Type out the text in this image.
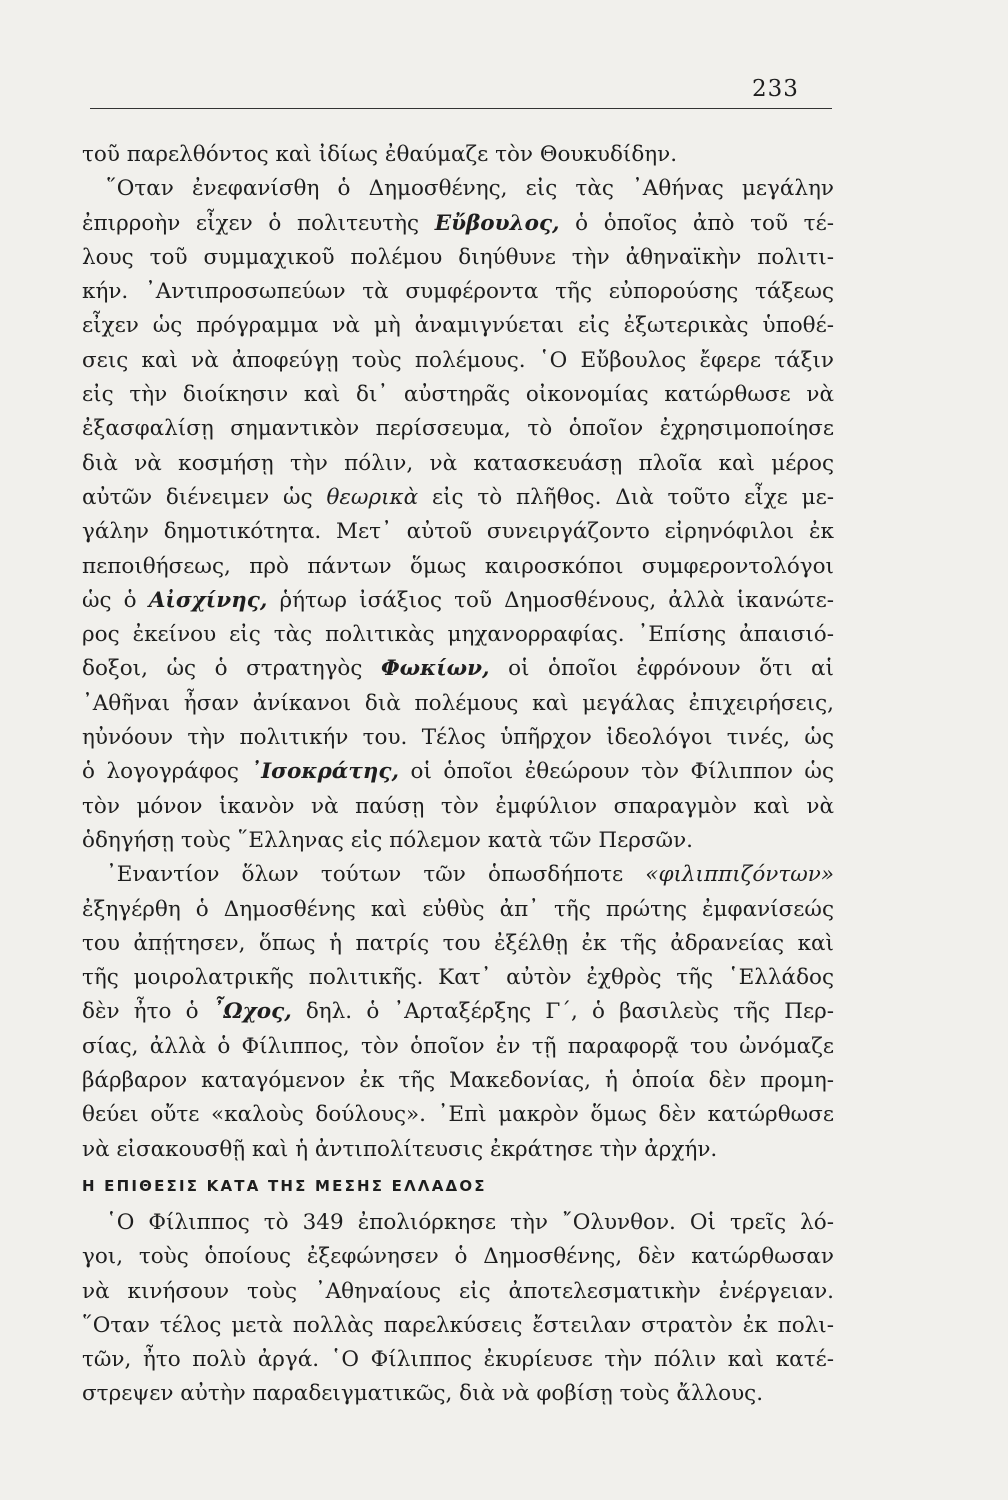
233
τοῦ παρελθόντος καὶ ἰδίως ἐθαύμαζε τὸν Θουκυδίδην.
῞Οταν ἐνεφανίσθη ὁ Δημοσθένης, εἰς τὰς ᾿Αθήνας μεγάλην
ἐπιρροὴν εἶχεν ὁ πολιτευτὴς Εὔβουλος, ὁ ὁποῖος ἀπὸ τοῦ τέ-
λους τοῦ συμμαχικοῦ πολέμου διηύθυνε τὴν ἀθηναϊκὴν πολιτι-
κήν. ᾿Αντιπροσωπεύων τὰ συμφέροντα τῆς εὐπορούσης τάξεως
εἶχεν ὡς πρόγραμμα νὰ μὴ ἀναμιγνύεται εἰς ἐξωτερικὰς ὑποθέ-
σεις καὶ νὰ ἀποφεύγῃ τοὺς πολέμους. ῾Ο Εὔβουλος ἔφερε τάξιν
εἰς τὴν διοίκησιν καὶ δι᾿ αὐστηρᾶς οἰκονομίας κατώρθωσε νὰ
ἐξασφαλίσῃ σημαντικὸν περίσσευμα, τὸ ὁποῖον ἐχρησιμοποίησε
διὰ νὰ κοσμήσῃ τὴν πόλιν, νὰ κατασκευάσῃ πλοῖα καὶ μέρος
αὐτῶν διένειμεν ὡς θεωρικὰ εἰς τὸ πλῆθος. Διὰ τοῦτο εἶχε με-
γάλην δημοτικότητα. Μετ᾿ αὐτοῦ συνειργάζοντο εἰρηνόφιλοι ἐκ
πεποιθήσεως, πρὸ πάντων ὅμως καιροσκόποι συμφεροντολόγοι
ὡς ὁ Αἰσχίνης, ῥήτωρ ἰσάξιος τοῦ Δημοσθένους, ἀλλὰ ἱκανώτε-
ρος ἐκείνου εἰς τὰς πολιτικὰς μηχανορραφίας. ᾿Επίσης ἀπαισιό-
δοξοι, ὡς ὁ στρατηγὸς Φωκίων, οἱ ὁποῖοι ἐφρόνουν ὅτι αἱ
᾿Αθῆναι ἦσαν ἀνίκανοι διὰ πολέμους καὶ μεγάλας ἐπιχειρήσεις,
ηὐνόουν τὴν πολιτικήν του. Τέλος ὑπῆρχον ἰδεολόγοι τινές, ὡς
ὁ λογογράφος ᾿Ισοκράτης, οἱ ὁποῖοι ἐθεώρουν τὸν Φίλιππον ὡς
τὸν μόνον ἱκανὸν νὰ παύσῃ τὸν ἐμφύλιον σπαραγμὸν καὶ νὰ
ὁδηγήσῃ τοὺς ῞Ελληνας εἰς πόλεμον κατὰ τῶν Περσῶν.
᾿Εναντίον ὅλων τούτων τῶν ὁπωσδήποτε «φιλιππιζόντων»
ἐξηγέρθη ὁ Δημοσθένης καὶ εὐθὺς ἀπ᾿ τῆς πρώτης ἐμφανίσεώς
του ἀπῄτησεν, ὅπως ἡ πατρίς του ἐξέλθῃ ἐκ τῆς ἀδρανείας καὶ
τῆς μοιρολατρικῆς πολιτικῆς. Κατ᾿ αὐτὸν ἐχθρὸς τῆς ῾Ελλάδος
δὲν ἦτο ὁ ῏Ωχος, δηλ. ὁ ᾿Αρταξέρξης Γ΄, ὁ βασιλεὺς τῆς Περ-
σίας, ἀλλὰ ὁ Φίλιππος, τὸν ὁποῖον ἐν τῇ παραφορᾷ του ὠνόμαζε
βάρβαρον καταγόμενον ἐκ τῆς Μακεδονίας, ἡ ὁποία δὲν προμη-
θεύει οὔτε «καλοὺς δούλους». ᾿Επὶ μακρὸν ὅμως δὲν κατώρθωσε
νὰ εἰσακουσθῇ καὶ ἡ ἀντιπολίτευσις ἐκράτησε τὴν ἀρχήν.
Η ΕΠΙΘΕΣΙΣ ΚΑΤΑ ΤΗΣ ΜΕΣΗΣ ΕΛΛΑΔΟΣ
῾Ο Φίλιππος τὸ 349 ἐπολιόρκησε τὴν ῎Ολυνθον. Οἱ τρεῖς λό-
γοι, τοὺς ὁποίους ἐξεφώνησεν ὁ Δημοσθένης, δὲν κατώρθωσαν
νὰ κινήσουν τοὺς ᾿Αθηναίους εἰς ἀποτελεσματικὴν ἐνέργειαν.
῞Οταν τέλος μετὰ πολλὰς παρελκύσεις ἔστειλαν στρατὸν ἐκ πολι-
τῶν, ἦτο πολὺ ἀργά. ῾Ο Φίλιππος ἐκυρίευσε τὴν πόλιν καὶ κατέ-
στρεψεν αὐτὴν παραδειγματικῶς, διὰ νὰ φοβίσῃ τοὺς ἄλλους.
